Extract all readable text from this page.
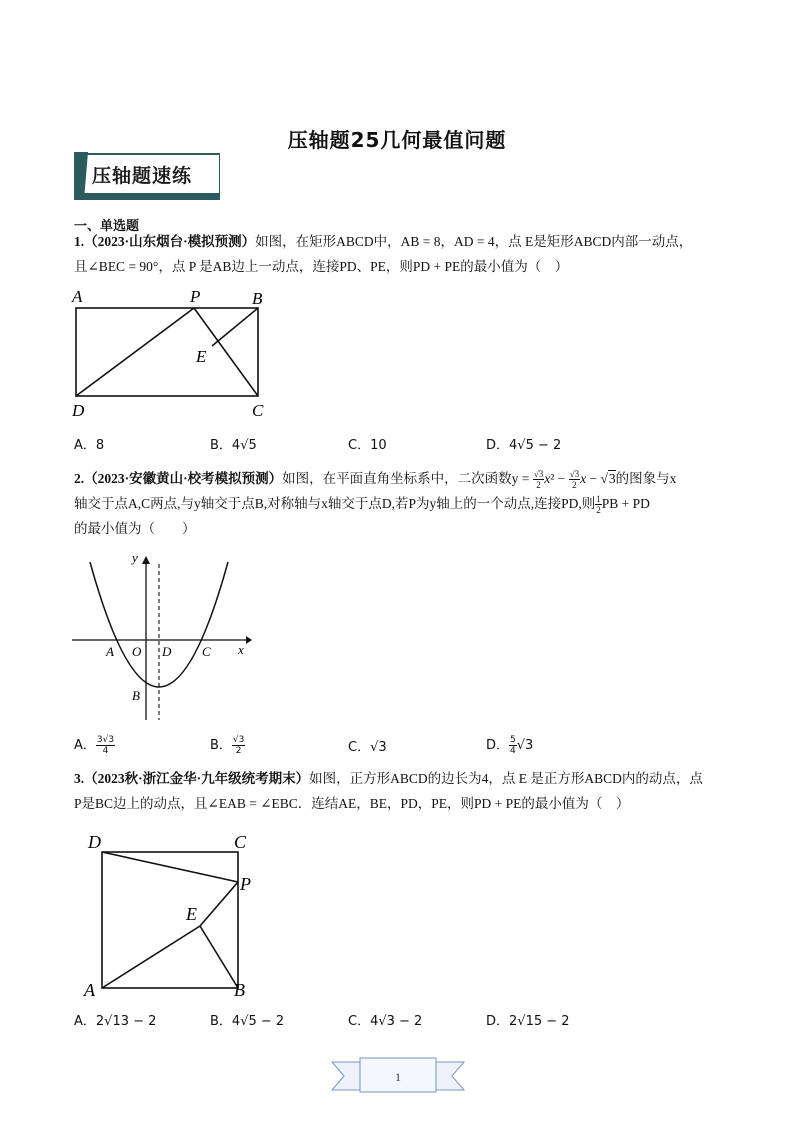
压轴题25几何最值问题
压轴题速练
一、单选题
1.（2023·山东烟台·模拟预测）如图，在矩形ABCD中，AB = 8，AD = 4，点 E是矩形ABCD内部一动点，
且∠BEC = 90°，点 P 是AB边上一动点，连接PD、PE，则PD + PE的最小值为（　）
A	P	B
E
D	C
A．8	B．4√5	C．10	D．4√5 − 2
2.（2023·安徽黄山·校考模拟预测）如图，在平面直角坐标系中，二次函数$y = \frac{√3}{2} x^2 - \frac{√3}{2}$ x − √3的图象与x
轴交于点A,C两点,与y轴交于点B,对称轴与x轴交于点D,若P为y轴上的一个动点,连接PD,则 $\frac{1}{2}$ PB + PD
的最小值为（　　）
y
x
A O D C
B
A． $\frac{3√3}{4}$	B． $\frac{√3}{2}$	C．√3	D． $\frac{5}{4} √3$
3.（2023秋·浙江金华·九年级统考期末）如图，正方形ABCD的边长为4，点 E 是正方形ABCD内的动点，点
P是BC边上的动点，且∠EAB = ∠EBC．连结AE，BE，PD，PE，则PD + PE的最小值为（　）
D	C
P
E
A	B
A．2√13 − 2	B．4√5 − 2	C．4√3 − 2	D．2√15 − 2
1
